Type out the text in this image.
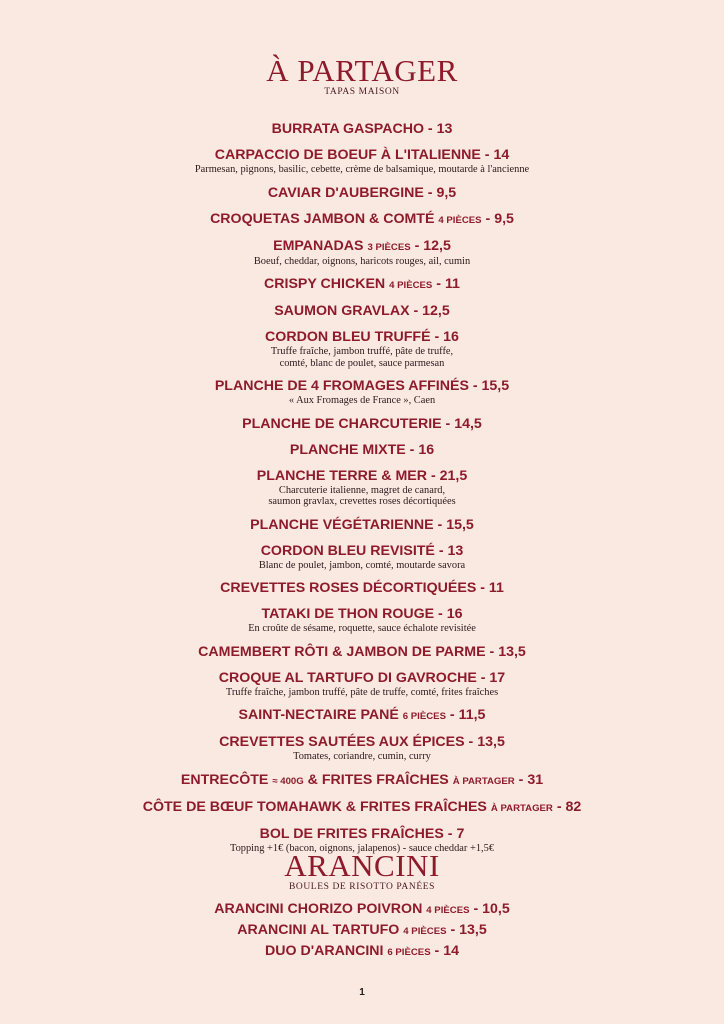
À PARTAGER
TAPAS MAISON
BURRATA GASPACHO - 13
CARPACCIO DE BOEUF À L'ITALIENNE - 14
Parmesan, pignons, basilic, cebette, crème de balsamique, moutarde à l'ancienne
CAVIAR D'AUBERGINE - 9,5
CROQUETAS JAMBON & COMTÉ 4 PIÈCES - 9,5
EMPANADAS 3 PIÈCES - 12,5
Boeuf, cheddar, oignons, haricots rouges, ail, cumin
CRISPY CHICKEN 4 PIÈCES - 11
SAUMON GRAVLAX - 12,5
CORDON BLEU TRUFFÉ - 16
Truffe fraîche, jambon truffé, pâte de truffe,
comté, blanc de poulet, sauce parmesan
PLANCHE DE 4 FROMAGES AFFINÉS - 15,5
« Aux Fromages de France », Caen
PLANCHE DE CHARCUTERIE - 14,5
PLANCHE MIXTE - 16
PLANCHE TERRE & MER - 21,5
Charcuterie italienne, magret de canard,
saumon gravlax, crevettes roses décortiquées
PLANCHE VÉGÉTARIENNE - 15,5
CORDON BLEU REVISITÉ - 13
Blanc de poulet, jambon, comté, moutarde savora
CREVETTES ROSES DÉCORTIQUÉES - 11
TATAKI DE THON ROUGE - 16
En croûte de sésame, roquette, sauce échalote revisitée
CAMEMBERT RÔTI & JAMBON DE PARME - 13,5
CROQUE AL TARTUFO DI GAVROCHE - 17
Truffe fraîche, jambon truffé, pâte de truffe, comté, frites fraîches
SAINT-NECTAIRE PANÉ 6 PIÈCES - 11,5
CREVETTES SAUTÉES AUX ÉPICES - 13,5
Tomates, coriandre, cumin, curry
ENTRECÔTE ≈ 400G & FRITES FRAÎCHES À PARTAGER - 31
CÔTE DE BŒUF TOMAHAWK & FRITES FRAÎCHES À PARTAGER - 82
BOL DE FRITES FRAÎCHES - 7
Topping +1€ (bacon, oignons, jalapenos) - sauce cheddar +1,5€
ARANCINI
BOULES DE RISOTTO PANÉES
ARANCINI CHORIZO POIVRON 4 PIÈCES - 10,5
ARANCINI AL TARTUFO 4 PIÈCES - 13,5
DUO D'ARANCINI 6 PIÈCES - 14
1
